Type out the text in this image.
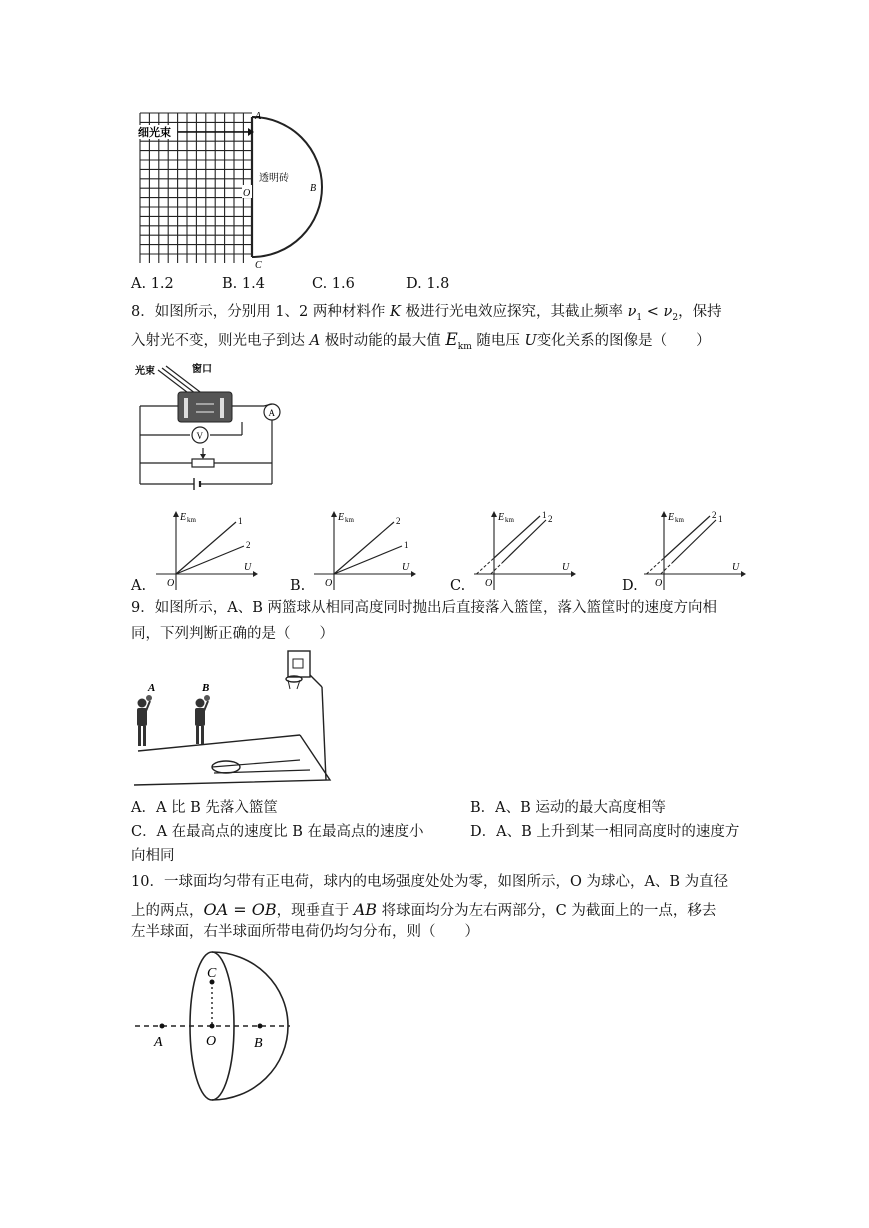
细光束
透明砖
A
B
C
O
A. 1.2	B. 1.4	C. 1.6	D. 1.8
8．如图所示，分别用 1、2 两种材料作 K 极进行光电效应探究，其截止频率 $\nu_1 < \nu_2$，保持
入射光不变，则光电子到达 A 极时动能的最大值 $E_{km}$ 随电压 U变化关系的图像是（　　）
光束	窗口
A
V
A.
E km
U
O
1
2
B.
E km
U
O
2
1
C.
E km
U
O
1 2
D.
E km
U
O
2 1
9．如图所示，A、B 两篮球从相同高度同时抛出后直接落入篮筐，落入篮筐时的速度方向相
同，下列判断正确的是（　　）
A	B
A．A 比 B 先落入篮筐	B．A、B 运动的最大高度相等
C．A 在最高点的速度比 B 在最高点的速度小	D．A、B 上升到某一相同高度时的速度方
向相同
10．一球面均匀带有正电荷，球内的电场强度处处为零，如图所示，O 为球心，A、B 为直径
上的两点，OA = OB，现垂直于 AB 将球面均分为左右两部分，C 为截面上的一点，移去
左半球面，右半球面所带电荷仍均匀分布，则（　　）
A	O	B
C
